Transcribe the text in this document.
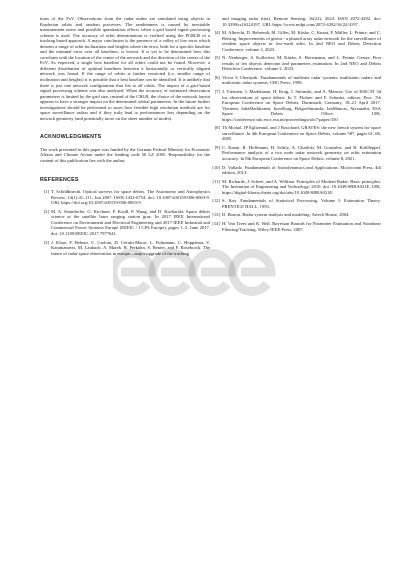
tions of the FoV. Observations from the radar nodes are simulated using objects in Keplerian orbits and random processes. The randomness is caused by inevitable measurement noise and possible quantization effects when a grid based signal processing scheme is used. The accuracy of orbit determination is verified using the PCRLB of a tracking based approach. A major conclusion is the presence of a valley of low error which denotes a range of orbit inclinations and heights where the error, both for a specific baseline and the minimal error over all baselines, is lowest. It is yet to be determined how this correlates with the location of the center of the network and the direction of the center of the FoV. As expected, a single best baseline for all orbits could not be found. However, a different distribution of optimal baselines between a horizontally or vertically aligned network was found. If the range of orbits is further restricted (i.e. smaller range of inclination and heights) it is possible that a best baseline can be identified. It is unlikely that there is just one network configuration that fits to all orbits. The impact of a grid based signal processing scheme was also analyzed. When the accuracy of estimated observation parameters is limited by the grid size, instead of the CRLB, the choice of the network layout appears to have a stronger impact on the determined orbital parameters. In the future further investigations should be performed to asses how feasible high resolution methods are for space surveillance radars and if they truly lead to performances less depending on the network geometry (and potentially more on the sheer number of nodes).

ACKNOWLEDGMENTS

The work presented in this paper was funded by the German Federal Ministry for Economic Affairs and Climate Action under the funding code 50 LZ 2005. Responsibility for the content of this publication lies with the author.

REFERENCES
[1] T. Schildknecht. Optical surveys for space debris. The Astronomy and Astrophysics Review, 14(1):41–111, Jun 2007. ISSN 1432-0754. doi: 10.1007/s00159-006-0003-9. URL https://doi.org/10.1007/s00159-006-0003-9.
[2] M. A. Steindorfer, G. Kirchner, F. Koidl, P. Wang, and D. Kucharski. Space debris science at the satellite laser ranging station graz. In 2017 IEEE International Conference on Environment and Electrical Engineering and 2017 IEEE Industrial and Commercial Power Systems Europe (EEEIC / I CPS Europe), pages 1–5, June 2017. doi: 10.1109/EEEIC.2017.7977641.
[3] J. Klare, F. Behner, C. Carloni, D. Cerutti-Maori, L. Fuhrmann, C. Hoppenau, V. Karamanavis, M. Laubach, A. Marek, R. Perkuhn, S. Reuter, and F. Rosebrock. The future of radar space observation in europe—major upgrade of the tracking
and imaging radar (tira). Remote Sensing, 16(22), 2024. ISSN 2072-4292. doi: 10.3390/rs16224197. URL https://www.mdpi.com/2072-4292/16/22/4197.
[4] M. Albrecht, D. Behrendt, M. Gilles, M. Käske, C. Knaut, P. Müller, L. Prünte, and C. Reising. Improvements of gestra - a phased array radar network for the surveillance of resident space objects in low-earth orbit. In 2nd NEO and Debris Detection Conference, volume 2, 2023.
[5] N. Neuberger, S. Kollecker, M. Käske, S. Horstmann, and L. Prünte. Gestra: First results of leo objects detection and parameters estimation. In 2nd NEO and Debris Detection Conference, volume 2, 2023.
[6] Victor S Chernyak. Fundamentals of multisite radar systems: multistatic radars and multistatic radar systems. CRC Press, 1998.
[7] J. Vierinen, J. Markkanen, H. Krag, J. Siminski, and A. Mancas. Use of EISCAT 3d for observations of space debris. In T. Flohrer and F. Schmitz, editors, Proc. 7th European Conference on Space Debris, Darmstadt, Germany, 18–21 April 2017. Vierinen, JuhaMarkkanen, JussiKrag, HolgerSiminski, JanMancas, Alexandru, ESA Space Debris Office. URL https://conference.sdo.esoc.esa.int/proceedings/sdc7/paper/350.
[8] Th Michal, JP Eglizeaud, and J Bouchard. GRAVES: the new french system for space surveillance. In 4th European Conference on Space Debris, volume 587, pages 61–66, 2005.
[9] C. Knaut, R. Hoffmann, H. Schily, A. Charlish, M. Gonzalez, and R. Kohlleppel. Performance analysis of a two node radar network geometry on orbit estimation accuracy. In 8th European Conference on Space Debris, volume 8, 2021.
[10] D. Vallado. Fundamentals of Astrodynamics and Applications. Microcosm Press, 4th edition, 2013.
[11] M. Richards, J. Scheer, and A. William. Principles of Modern Radar: Basic principles. The Institution of Engineering and Technology, 2010. doi: 10.1049/SBRA021E. URL https://digital-library.theiet.org/doi/abs/10.1049/SBRA021E.
[12] S. Kay. Fundamentals of Statistical Processing, Volume I: Estimation Theory. PRENTICE HALL, 1993.
[13] D. Barton. Radar system analysis and modeling. Artech House, 2004.
[14] H. Van Trees and K. Bell. Bayesian Bounds for Parameter Estimation and Nonlinear Filtering/Tracking. Wiley-IEEE Press, 2007.
